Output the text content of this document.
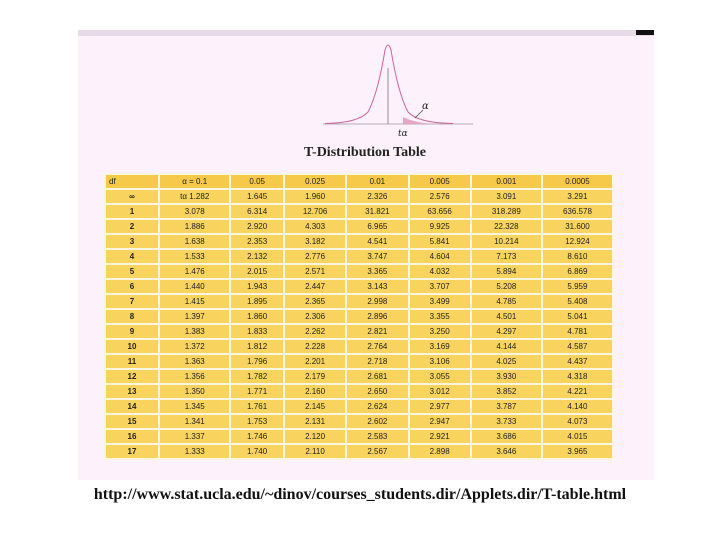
α
tα
T-Distribution Table
df	α = 0.1	0.05	0.025	0.01	0.005	0.001	0.0005
∞	tα 1.282	1.645	1.960	2.326	2.576	3.091	3.291
1	3.078	6.314	12.706	31.821	63.656	318.289	636.578
2	1.886	2.920	4.303	6.965	9.925	22.328	31.600
3	1.638	2.353	3.182	4.541	5.841	10.214	12.924
4	1.533	2.132	2.776	3.747	4.604	7.173	8.610
5	1.476	2.015	2.571	3.365	4.032	5.894	6.869
6	1.440	1.943	2.447	3.143	3.707	5.208	5.959
7	1.415	1.895	2.365	2.998	3.499	4.785	5.408
8	1.397	1.860	2.306	2.896	3.355	4.501	5.041
9	1.383	1.833	2.262	2.821	3.250	4.297	4.781
10	1.372	1.812	2.228	2.764	3.169	4.144	4.587
11	1.363	1.796	2.201	2.718	3.106	4.025	4.437
12	1.356	1.782	2.179	2.681	3.055	3.930	4.318
13	1.350	1.771	2.160	2.650	3.012	3.852	4.221
14	1.345	1.761	2.145	2.624	2.977	3.787	4.140
15	1.341	1.753	2.131	2.602	2.947	3.733	4.073
16	1.337	1.746	2.120	2.583	2.921	3.686	4.015
17	1.333	1.740	2.110	2.567	2.898	3.646	3.965
http://www.stat.ucla.edu/~dinov/courses_students.dir/Applets.dir/T-table.html
